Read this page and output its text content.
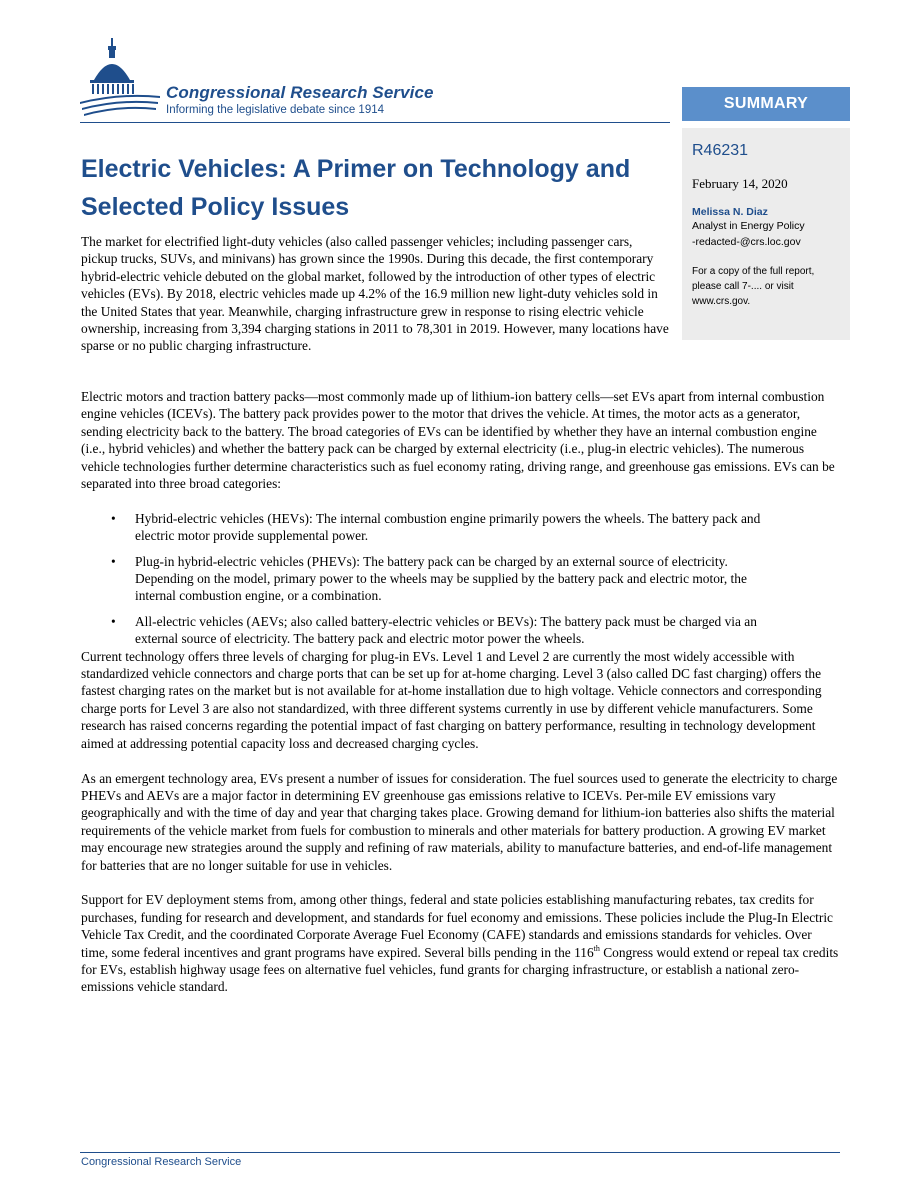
Congressional Research Service
Informing the legislative debate since 1914	SUMMARY
R46231
February 14, 2020
Melissa N. Diaz
Analyst in Energy Policy
-redacted-@crs.loc.gov
For a copy of the full report, please call 7-.... or visit www.crs.gov.
Electric Vehicles: A Primer on Technology and Selected Policy Issues
The market for electrified light-duty vehicles (also called passenger vehicles; including passenger cars, pickup trucks, SUVs, and minivans) has grown since the 1990s. During this decade, the first contemporary hybrid-electric vehicle debuted on the global market, followed by the introduction of other types of electric vehicles (EVs). By 2018, electric vehicles made up 4.2% of the 16.9 million new light-duty vehicles sold in the United States that year. Meanwhile, charging infrastructure grew in response to rising electric vehicle ownership, increasing from 3,394 charging stations in 2011 to 78,301 in 2019. However, many locations have sparse or no public charging infrastructure.

Electric motors and traction battery packs—most commonly made up of lithium-ion battery cells—set EVs apart from internal combustion engine vehicles (ICEVs). The battery pack provides power to the motor that drives the vehicle. At times, the motor acts as a generator, sending electricity back to the battery. The broad categories of EVs can be identified by whether they have an internal combustion engine (i.e., hybrid vehicles) and whether the battery pack can be charged by external electricity (i.e., plug-in electric vehicles). The numerous vehicle technologies further determine characteristics such as fuel economy rating, driving range, and greenhouse gas emissions. EVs can be separated into three broad categories:

• Hybrid-electric vehicles (HEVs): The internal combustion engine primarily powers the wheels. The battery pack and electric motor provide supplemental power.
• Plug-in hybrid-electric vehicles (PHEVs): The battery pack can be charged by an external source of electricity. Depending on the model, primary power to the wheels may be supplied by the battery pack and electric motor, the internal combustion engine, or a combination.
• All-electric vehicles (AEVs; also called battery-electric vehicles or BEVs): The battery pack must be charged via an external source of electricity. The battery pack and electric motor power the wheels.

Current technology offers three levels of charging for plug-in EVs. Level 1 and Level 2 are currently the most widely accessible with standardized vehicle connectors and charge ports that can be set up for at-home charging. Level 3 (also called DC fast charging) offers the fastest charging rates on the market but is not available for at-home installation due to high voltage. Vehicle connectors and corresponding charge ports for Level 3 are also not standardized, with three different systems currently in use by different vehicle manufacturers. Some research has raised concerns regarding the potential impact of fast charging on battery performance, resulting in technology development aimed at addressing potential capacity loss and decreased charging cycles.

As an emergent technology area, EVs present a number of issues for consideration. The fuel sources used to generate the electricity to charge PHEVs and AEVs are a major factor in determining EV greenhouse gas emissions relative to ICEVs. Per-mile EV emissions vary geographically and with the time of day and year that charging takes place. Growing demand for lithium-ion batteries also shifts the material requirements of the vehicle market from fuels for combustion to minerals and other materials for battery production. A growing EV market may encourage new strategies around the supply and refining of raw materials, ability to manufacture batteries, and end-of-life management for batteries that are no longer suitable for use in vehicles.

Support for EV deployment stems from, among other things, federal and state policies establishing manufacturing rebates, tax credits for purchases, funding for research and development, and standards for fuel economy and emissions. These policies include the Plug-In Electric Vehicle Tax Credit, and the coordinated Corporate Average Fuel Economy (CAFE) standards and emissions standards for vehicles. Over time, some federal incentives and grant programs have expired. Several bills pending in the 116th Congress would extend or repeal tax credits for EVs, establish highway usage fees on alternative fuel vehicles, fund grants for charging infrastructure, or establish a national zero-emissions vehicle standard.

Congressional Research Service
